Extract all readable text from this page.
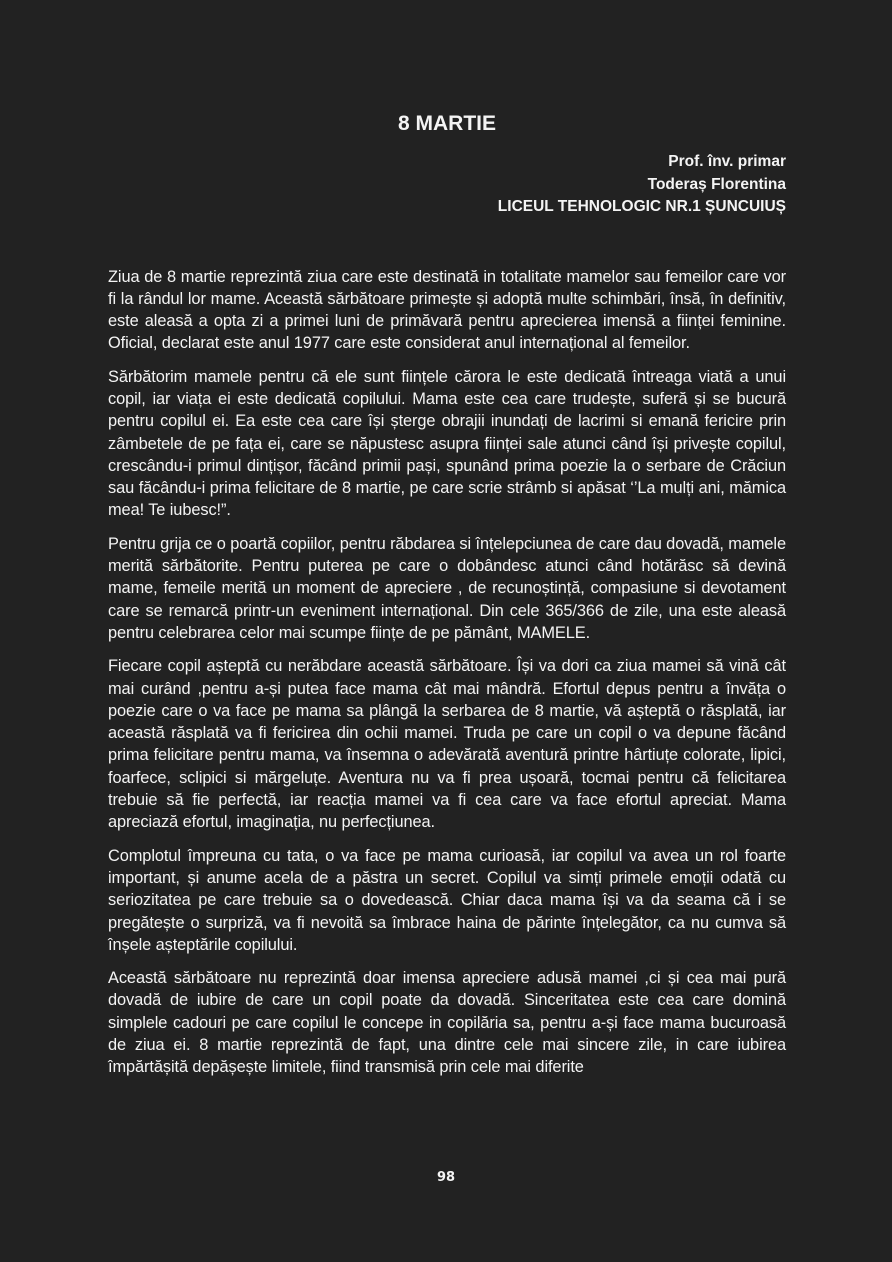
8 MARTIE
Prof. înv. primar
Toderaș Florentina
LICEUL TEHNOLOGIC NR.1 ȘUNCUIUȘ

Ziua de 8 martie reprezintă ziua care este destinată in totalitate mamelor sau femeilor care vor fi la rândul lor mame. Această sărbătoare primește și adoptă multe schimbări, însă, în definitiv, este aleasă a opta zi a primei luni de primăvară pentru aprecierea imensă a ființei feminine. Oficial, declarat este anul 1977 care este considerat anul internațional al femeilor.

Sărbătorim mamele pentru că ele sunt ființele cărora le este dedicată întreaga viată a unui copil, iar viața ei este dedicată copilului. Mama este cea care trudește, suferă și se bucură pentru copilul ei. Ea este cea care își șterge obrajii inundați de lacrimi si emană fericire prin zâmbetele de pe fața ei, care se năpustesc asupra ființei sale atunci când își privește copilul, crescându-i primul dințișor, făcând primii pași, spunând prima poezie la o serbare de Crăciun sau făcându-i prima felicitare de 8 martie, pe care scrie strâmb si apăsat ‘’La mulți ani, mămica mea! Te iubesc!”.

Pentru grija ce o poartă copiilor, pentru răbdarea si înțelepciunea de care dau dovadă, mamele merită sărbătorite. Pentru puterea pe care o dobândesc atunci când hotărăsc să devină mame, femeile merită un moment de apreciere , de recunoștință, compasiune si devotament care se remarcă printr-un eveniment internațional. Din cele 365/366 de zile, una este aleasă pentru celebrarea celor mai scumpe ființe de pe pământ, MAMELE.

Fiecare copil așteptă cu nerăbdare această sărbătoare. Își va dori ca ziua mamei să vină cât mai curând ,pentru a-și putea face mama cât mai mândră. Efortul depus pentru a învăța o poezie care o va face pe mama sa plângă la serbarea de 8 martie, vă așteptă o răsplată, iar această răsplată va fi fericirea din ochii mamei. Truda pe care un copil o va depune făcând prima felicitare pentru mama, va însemna o adevărată aventură printre hârtiuțe colorate, lipici, foarfece, sclipici si mărgeluțe. Aventura nu va fi prea ușoară, tocmai pentru că felicitarea trebuie să fie perfectă, iar reacția mamei va fi cea care va face efortul apreciat. Mama apreciază efortul, imaginația, nu perfecțiunea.

Complotul împreuna cu tata, o va face pe mama curioasă, iar copilul va avea un rol foarte important, și anume acela de a păstra un secret. Copilul va simți primele emoții odată cu seriozitatea pe care trebuie sa o dovedească. Chiar daca mama își va da seama că i se pregătește o surpriză, va fi nevoită sa îmbrace haina de părinte înțelegător, ca nu cumva să înșele așteptările copilului.

Această sărbătoare nu reprezintă doar imensa apreciere adusă mamei ,ci și cea mai pură dovadă de iubire de care un copil poate da dovadă. Sinceritatea este cea care domină simplele cadouri pe care copilul le concepe in copilăria sa, pentru a-și face mama bucuroasă de ziua ei. 8 martie reprezintă de fapt, una dintre cele mai sincere zile, in care iubirea împărtășită depășește limitele, fiind transmisă prin cele mai diferite

98
